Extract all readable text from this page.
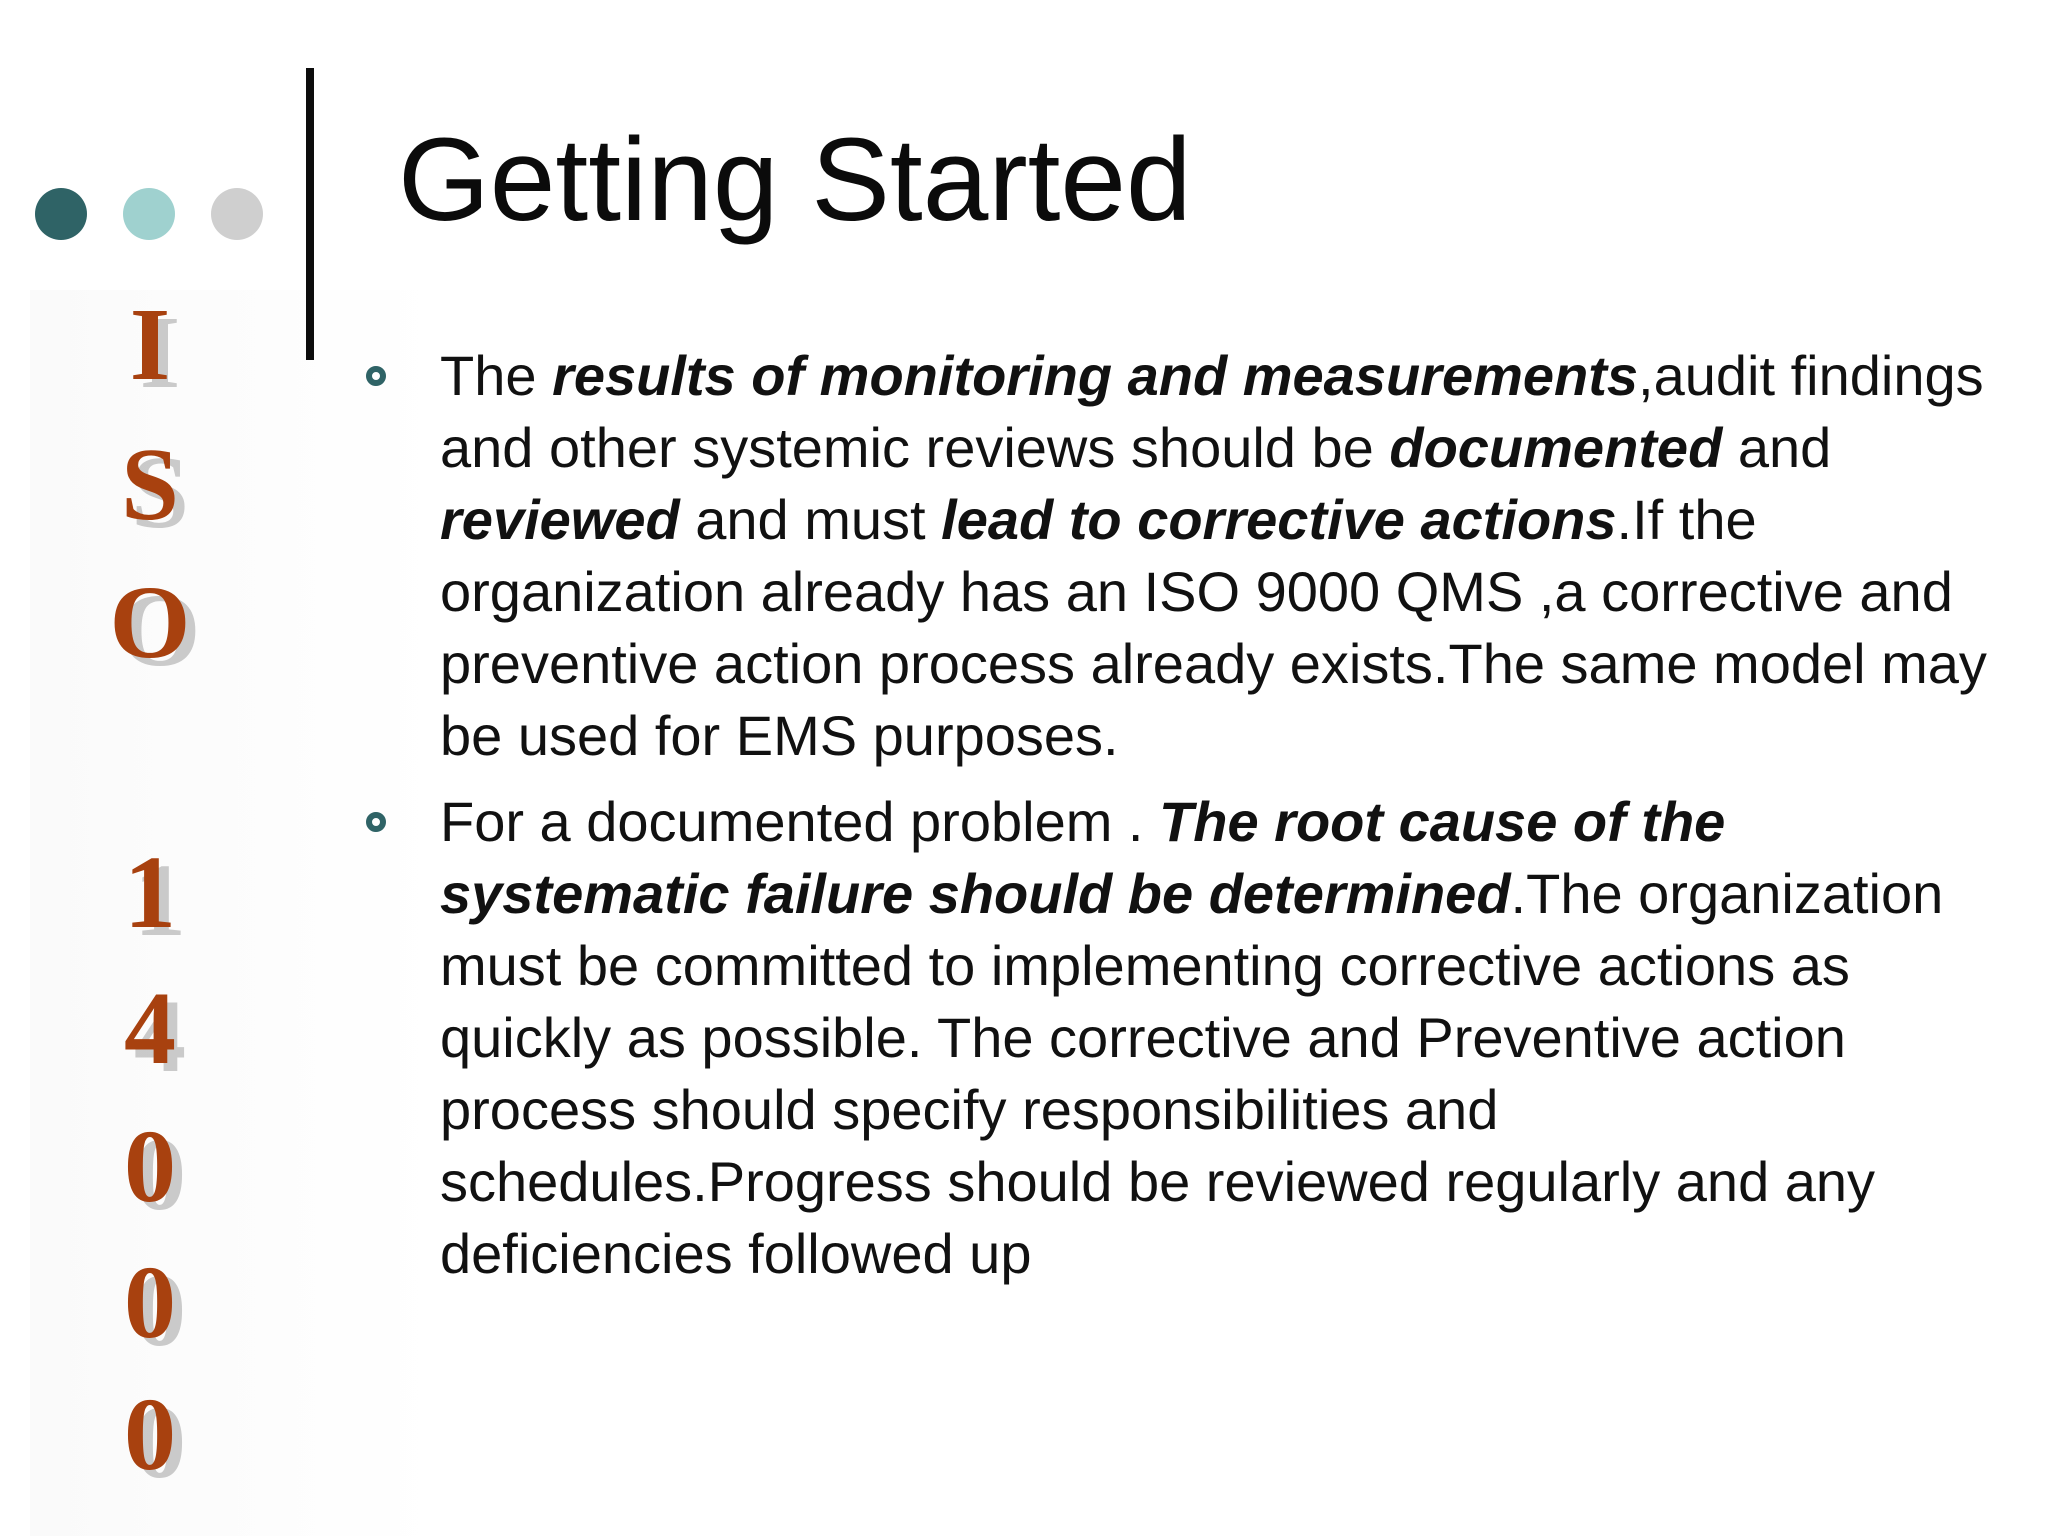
Getting Started
I
S
O
1
4
0
0
0
The results of monitoring and measurements,audit findings and other systemic reviews should be documented and reviewed and must lead to corrective actions.If the organization already has an ISO 9000 QMS ,a corrective and preventive action process already exists.The same model may be used for EMS purposes.
For a documented problem . The root cause of the systematic failure should be determined.The organization must be committed to implementing corrective actions as quickly as possible. The corrective and Preventive action process should specify responsibilities and schedules.Progress should be reviewed regularly and any deficiencies followed up
